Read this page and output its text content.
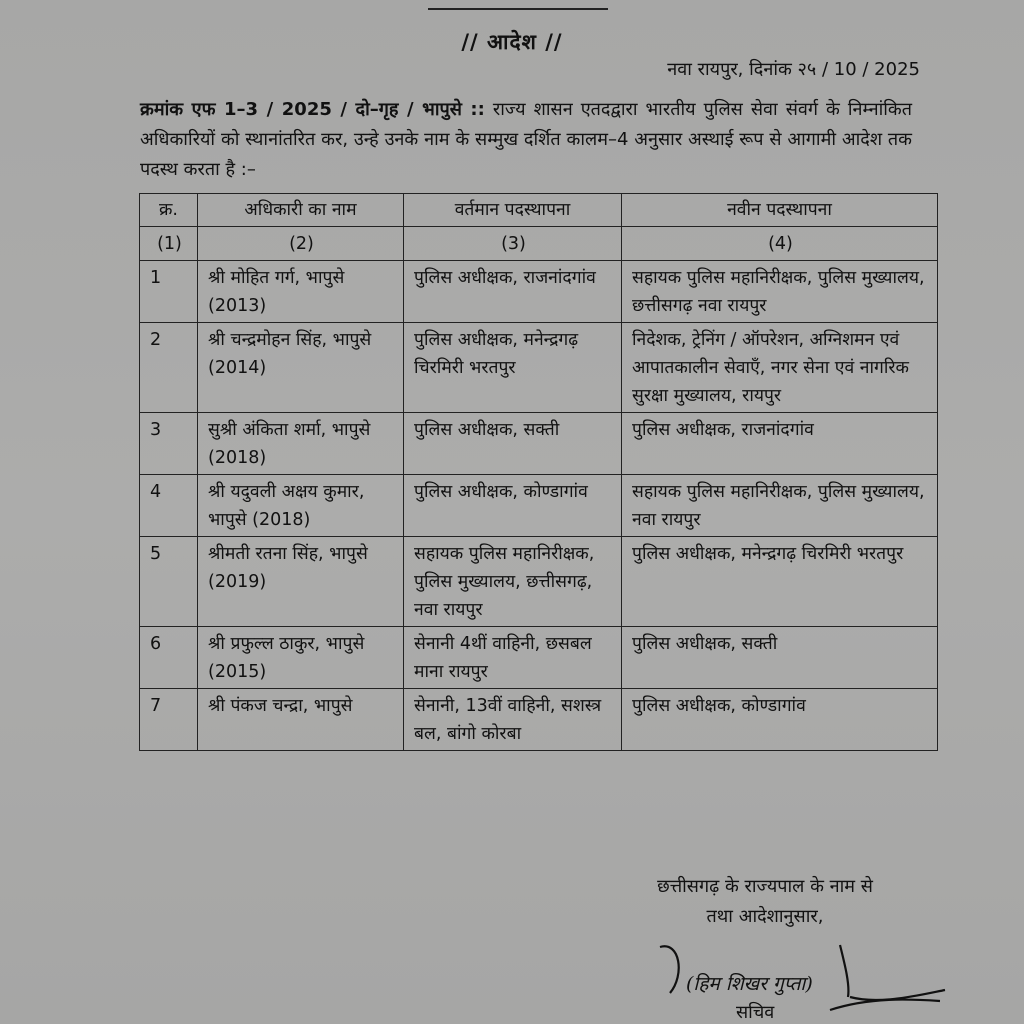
// आदेश //
नवा रायपुर, दिनांक २५ / 10 / 2025
क्रमांक एफ 1–3 / 2025 / दो–गृह / भापुसे :: राज्य शासन एतदद्वारा भारतीय पुलिस सेवा संवर्ग के निम्नांकित अधिकारियों को स्थानांतरित कर, उन्हे उनके नाम के सम्मुख दर्शित कालम–4 अनुसार अस्थाई रूप से आगामी आदेश तक पदस्थ करता है :–
क्र.	अधिकारी का नाम	वर्तमान पदस्थापना	नवीन पदस्थापना
(1)	(2)	(3)	(4)
1	श्री मोहित गर्ग, भापुसे (2013)	पुलिस अधीक्षक, राजनांदगांव	सहायक पुलिस महानिरीक्षक, पुलिस मुख्यालय, छत्तीसगढ़ नवा रायपुर
2	श्री चन्द्रमोहन सिंह, भापुसे (2014)	पुलिस अधीक्षक, मनेन्द्रगढ़ चिरमिरी भरतपुर	निदेशक, ट्रेनिंग / ऑपरेशन, अग्निशमन एवं आपातकालीन सेवाएँ, नगर सेना एवं नागरिक सुरक्षा मुख्यालय, रायपुर
3	सुश्री अंकिता शर्मा, भापुसे (2018)	पुलिस अधीक्षक, सक्ती	पुलिस अधीक्षक, राजनांदगांव
4	श्री यदुवली अक्षय कुमार, भापुसे (2018)	पुलिस अधीक्षक, कोण्डागांव	सहायक पुलिस महानिरीक्षक, पुलिस मुख्यालय, नवा रायपुर
5	श्रीमती रतना सिंह, भापुसे (2019)	सहायक पुलिस महानिरीक्षक, पुलिस मुख्यालय, छत्तीसगढ़, नवा रायपुर	पुलिस अधीक्षक, मनेन्द्रगढ़ चिरमिरी भरतपुर
6	श्री प्रफुल्ल ठाकुर, भापुसे (2015)	सेनानी 4थीं वाहिनी, छसबल माना रायपुर	पुलिस अधीक्षक, सक्ती
7	श्री पंकज चन्द्रा, भापुसे	सेनानी, 13वीं वाहिनी, सशस्त्र बल, बांगो कोरबा	पुलिस अधीक्षक, कोण्डागांव
छत्तीसगढ़ के राज्यपाल के नाम से
तथा आदेशानुसार,
(हिम शिखर गुप्ता)
सचिव
